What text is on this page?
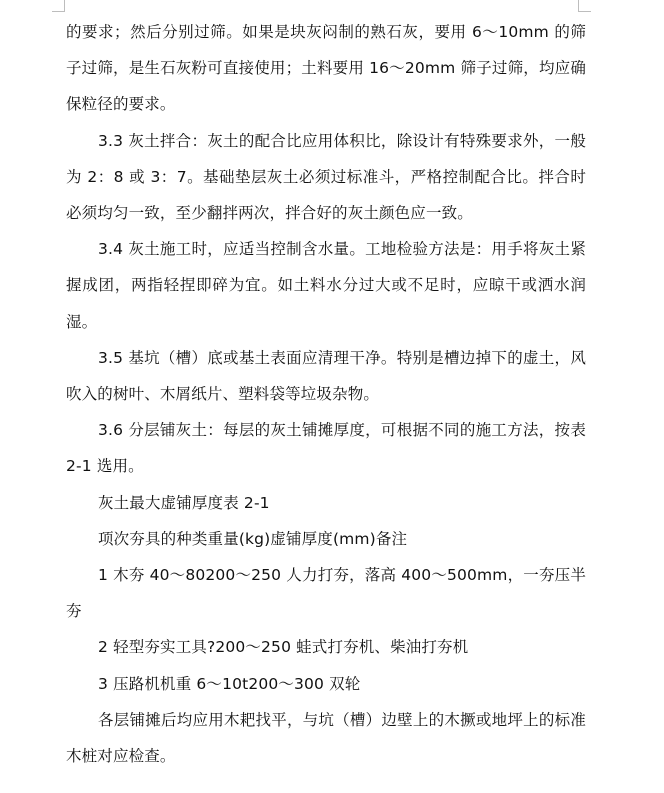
的要求；然后分别过筛。如果是块灰闷制的熟石灰，要用 6～10mm 的筛子过筛，是生石灰粉可直接使用；土料要用 16～20mm 筛子过筛，均应确保粒径的要求。

3.3 灰土拌合：灰土的配合比应用体积比，除设计有特殊要求外，一般为 2：8 或 3：7。基础垫层灰土必须过标准斗，严格控制配合比。拌合时必须均匀一致，至少翻拌两次，拌合好的灰土颜色应一致。

3.4 灰土施工时，应适当控制含水量。工地检验方法是：用手将灰土紧握成团，两指轻捏即碎为宜。如土料水分过大或不足时，应晾干或洒水润湿。

3.5 基坑（槽）底或基土表面应清理干净。特别是槽边掉下的虚土，风吹入的树叶、木屑纸片、塑料袋等垃圾杂物。

3.6 分层铺灰土：每层的灰土铺摊厚度，可根据不同的施工方法，按表 2-1 选用。

灰土最大虚铺厚度表 2-1

项次夯具的种类重量(kg)虚铺厚度(mm)备注

1 木夯 40～80200～250 人力打夯，落高 400～500mm，一夯压半夯

2 轻型夯实工具?200～250 蛙式打夯机、柴油打夯机

3 压路机机重 6～10t200～300 双轮

各层铺摊后均应用木耙找平，与坑（槽）边壁上的木撅或地坪上的标准木桩对应检查。
